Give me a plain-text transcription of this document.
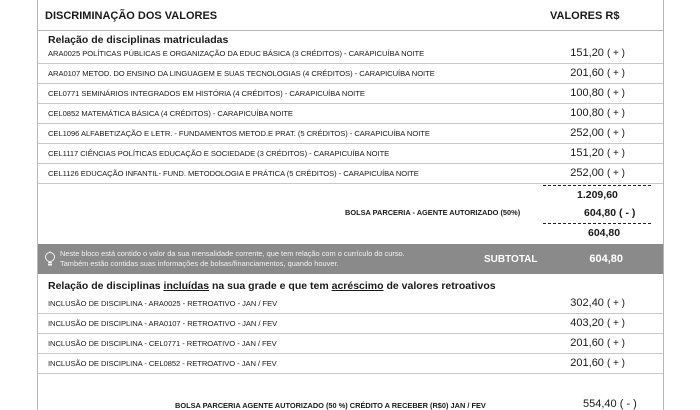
DISCRIMINAÇÃO DOS VALORES	VALORES R$
Relação de disciplinas matriculadas
ARA0025 POLÍTICAS PÚBLICAS E ORGANIZAÇÃO DA EDUC BÁSICA (3 CRÉDITOS) - CARAPICUÍBA NOITE	151,20 ( + )
ARA0107 METOD. DO ENSINO DA LINGUAGEM E SUAS TECNOLOGIAS (4 CRÉDITOS) - CARAPICUÍBA NOITE	201,60 ( + )
CEL0771 SEMINÁRIOS INTEGRADOS EM HISTÓRIA (4 CRÉDITOS) - CARAPICUÍBA NOITE	100,80 ( + )
CEL0852 MATEMÁTICA BÁSICA (4 CRÉDITOS) - CARAPICUÍBA NOITE	100,80 ( + )
CEL1096 ALFABETIZAÇÃO E LETR. - FUNDAMENTOS METOD.E PRAT. (5 CRÉDITOS) - CARAPICUÍBA NOITE	252,00 ( + )
CEL1117 CIÊNCIAS POLÍTICAS EDUCAÇÃO E SOCIEDADE (3 CRÉDITOS) - CARAPICUÍBA NOITE	151,20 ( + )
CEL1126 EDUCAÇÃO INFANTIL- FUND. METODOLOGIA E PRÁTICA (5 CRÉDITOS) - CARAPICUÍBA NOITE	252,00 ( + )
1.209,60
BOLSA PARCERIA - AGENTE AUTORIZADO (50%)	604,80 ( - )
604,80
Neste bloco está contido o valor da sua mensalidade corrente, que tem relação com o currículo do curso.
Também estão contidas suas informações de bolsas/financiamentos, quando houver.	SUBTOTAL	604,80
Relação de disciplinas incluídas na sua grade e que tem acréscimo de valores retroativos
INCLUSÃO DE DISCIPLINA - ARA0025 - RETROATIVO - JAN / FEV	302,40 ( + )
INCLUSÃO DE DISCIPLINA - ARA0107 - RETROATIVO - JAN / FEV	403,20 ( + )
INCLUSÃO DE DISCIPLINA - CEL0771 - RETROATIVO - JAN / FEV	201,60 ( + )
INCLUSÃO DE DISCIPLINA - CEL0852 - RETROATIVO - JAN / FEV	201,60 ( + )
BOLSA PARCERIA AGENTE AUTORIZADO (50 %) CRÉDITO A RECEBER (R$0) JAN / FEV	554,40 ( - )
